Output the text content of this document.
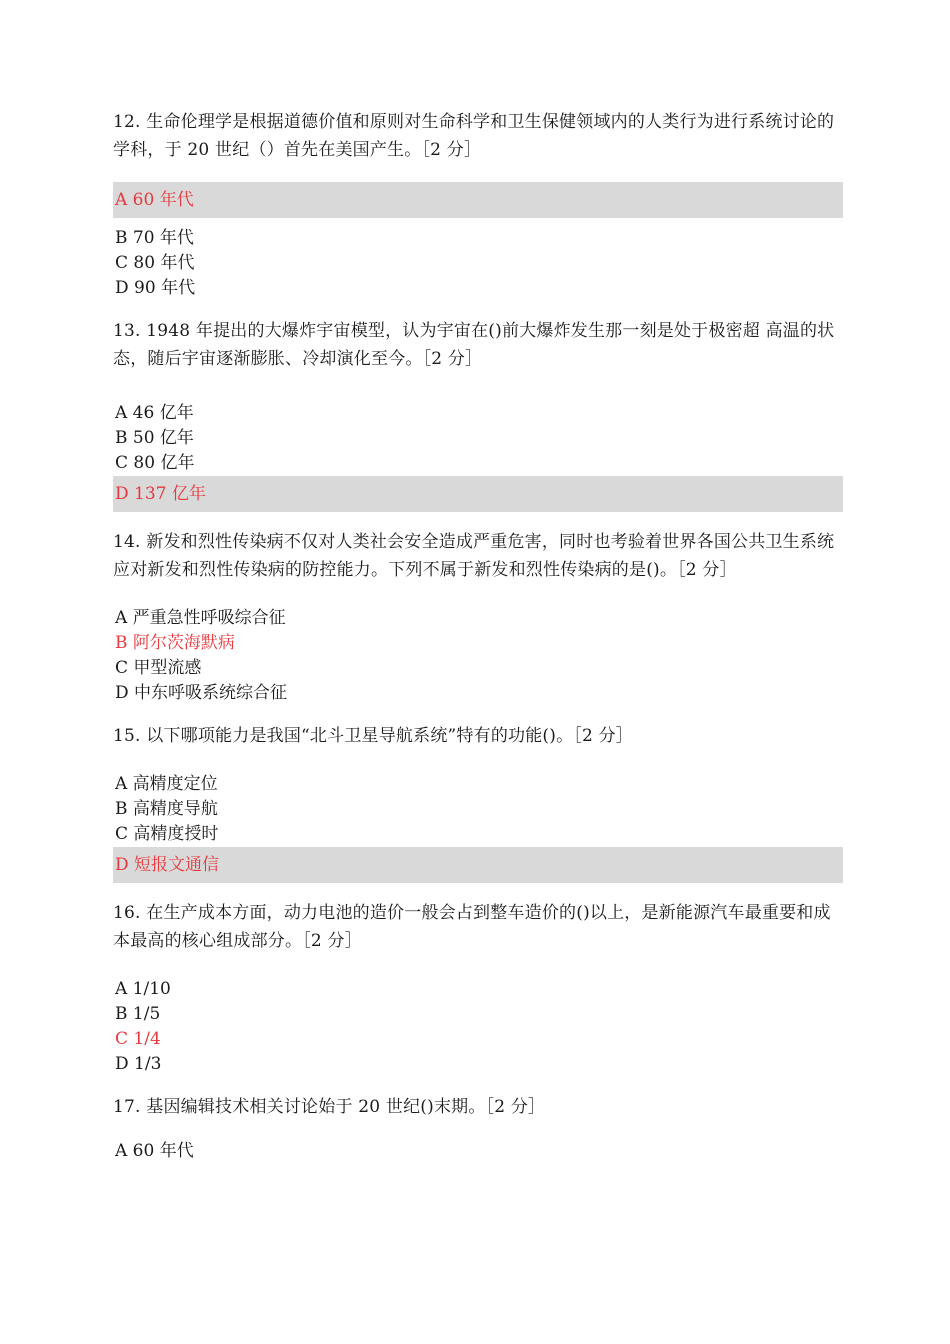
12. 生命伦理学是根据道德价值和原则对生命科学和卫生保健领域内的人类行为进行系统讨论的学科，于 20 世纪（）首先在美国产生。［2 分］

A 60 年代
B 70 年代
C 80 年代
D 90 年代

13. 1948 年提出的大爆炸宇宙模型，认为宇宙在()前大爆炸发生那一刻是处于极密超 高温的状态，随后宇宙逐渐膨胀、冷却演化至今。［2 分］

A 46 亿年
B 50 亿年
C 80 亿年
D 137 亿年

14. 新发和烈性传染病不仅对人类社会安全造成严重危害，同时也考验着世界各国公共卫生系统应对新发和烈性传染病的防控能力。下列不属于新发和烈性传染病的是()。［2 分］

A 严重急性呼吸综合征
B 阿尔茨海默病
C 甲型流感
D 中东呼吸系统综合征

15. 以下哪项能力是我国“北斗卫星导航系统”特有的功能()。［2 分］

A 高精度定位
B 高精度导航
C 高精度授时
D 短报文通信

16. 在生产成本方面，动力电池的造价一般会占到整车造价的()以上，是新能源汽车最重要和成本最高的核心组成部分。［2 分］

A 1/10
B 1/5
C 1/4
D 1/3

17. 基因编辑技术相关讨论始于 20 世纪()末期。［2 分］

A 60 年代
